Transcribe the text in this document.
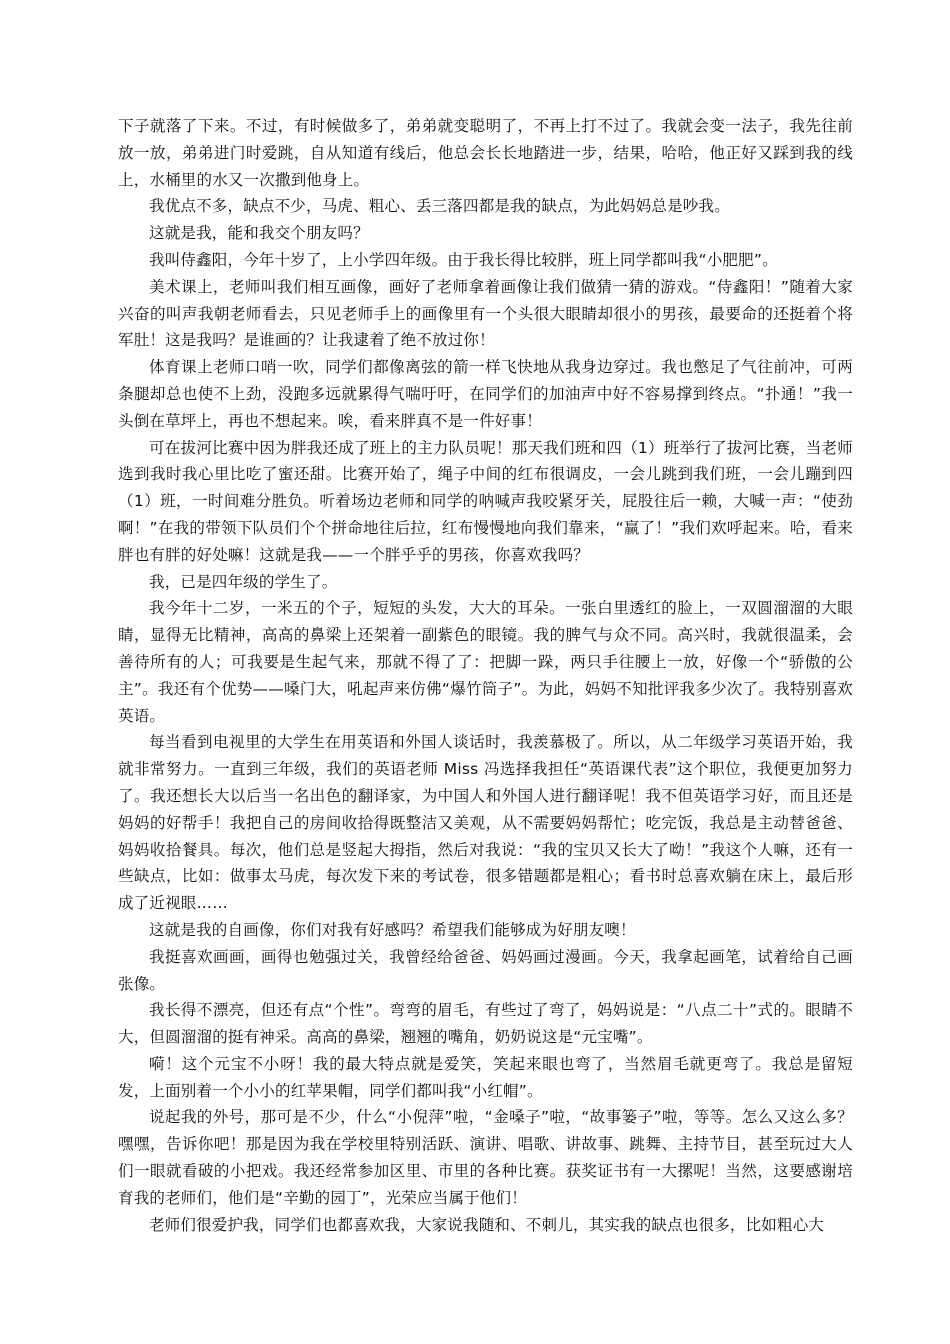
下子就落了下来。不过，有时候做多了，弟弟就变聪明了，不再上打不过了。我就会变一法子，我先往前放一放，弟弟进门时爱跳，自从知道有线后，他总会长长地踏进一步，结果，哈哈，他正好又踩到我的线上，水桶里的水又一次撒到他身上。

我优点不多，缺点不少，马虎、粗心、丢三落四都是我的缺点，为此妈妈总是吵我。

这就是我，能和我交个朋友吗？

我叫侍鑫阳，今年十岁了，上小学四年级。由于我长得比较胖，班上同学都叫我“小肥肥”。

美术课上，老师叫我们相互画像，画好了老师拿着画像让我们做猜一猜的游戏。“侍鑫阳！”随着大家兴奋的叫声我朝老师看去，只见老师手上的画像里有一个头很大眼睛却很小的男孩，最要命的还挺着个将军肚！这是我吗？是谁画的？让我逮着了绝不放过你！

体育课上老师口哨一吹，同学们都像离弦的箭一样飞快地从我身边穿过。我也憋足了气往前冲，可两条腿却总也使不上劲，没跑多远就累得气喘吁吁，在同学们的加油声中好不容易撑到终点。“扑通！”我一头倒在草坪上，再也不想起来。唉，看来胖真不是一件好事！

可在拔河比赛中因为胖我还成了班上的主力队员呢！那天我们班和四（1）班举行了拔河比赛，当老师选到我时我心里比吃了蜜还甜。比赛开始了，绳子中间的红布很调皮，一会儿跳到我们班，一会儿蹦到四（1）班，一时间难分胜负。听着场边老师和同学的呐喊声我咬紧牙关，屁股往后一赖，大喊一声：“使劲啊！”在我的带领下队员们个个拼命地往后拉，红布慢慢地向我们靠来，“赢了！”我们欢呼起来。哈，看来胖也有胖的好处嘛！这就是我——一个胖乎乎的男孩，你喜欢我吗？

我，已是四年级的学生了。

我今年十二岁，一米五的个子，短短的头发，大大的耳朵。一张白里透红的脸上，一双圆溜溜的大眼睛，显得无比精神，高高的鼻梁上还架着一副紫色的眼镜。我的脾气与众不同。高兴时，我就很温柔，会善待所有的人；可我要是生起气来，那就不得了了：把脚一跺，两只手往腰上一放，好像一个“骄傲的公主”。我还有个优势——嗓门大，吼起声来仿佛“爆竹筒子”。为此，妈妈不知批评我多少次了。我特别喜欢英语。

每当看到电视里的大学生在用英语和外国人谈话时，我羡慕极了。所以，从二年级学习英语开始，我就非常努力。一直到三年级，我们的英语老师 Miss 冯选择我担任“英语课代表”这个职位，我便更加努力了。我还想长大以后当一名出色的翻译家，为中国人和外国人进行翻译呢！我不但英语学习好，而且还是妈妈的好帮手！我把自己的房间收拾得既整洁又美观，从不需要妈妈帮忙；吃完饭，我总是主动替爸爸、妈妈收拾餐具。每次，他们总是竖起大拇指，然后对我说：“我的宝贝又长大了呦！”我这个人嘛，还有一些缺点，比如：做事太马虎，每次发下来的考试卷，很多错题都是粗心；看书时总喜欢躺在床上，最后形成了近视眼……

这就是我的自画像，你们对我有好感吗？希望我们能够成为好朋友噢！

我挺喜欢画画，画得也勉强过关，我曾经给爸爸、妈妈画过漫画。今天，我拿起画笔，试着给自己画张像。

我长得不漂亮，但还有点“个性”。弯弯的眉毛，有些过了弯了，妈妈说是：“八点二十”式的。眼睛不大，但圆溜溜的挺有神采。高高的鼻梁，翘翘的嘴角，奶奶说这是“元宝嘴”。

嗬！这个元宝不小呀！我的最大特点就是爱笑，笑起来眼也弯了，当然眉毛就更弯了。我总是留短发，上面别着一个小小的红苹果帽，同学们都叫我“小红帽”。

说起我的外号，那可是不少，什么“小倪萍”啦，“金嗓子”啦，“故事篓子”啦，等等。怎么又这么多？嘿嘿，告诉你吧！那是因为我在学校里特别活跃、演讲、唱歌、讲故事、跳舞、主持节目，甚至玩过大人们一眼就看破的小把戏。我还经常参加区里、市里的各种比赛。获奖证书有一大摞呢！当然，这要感谢培育我的老师们，他们是“辛勤的园丁”，光荣应当属于他们！

老师们很爱护我，同学们也都喜欢我，大家说我随和、不刺儿，其实我的缺点也很多，比如粗心大
